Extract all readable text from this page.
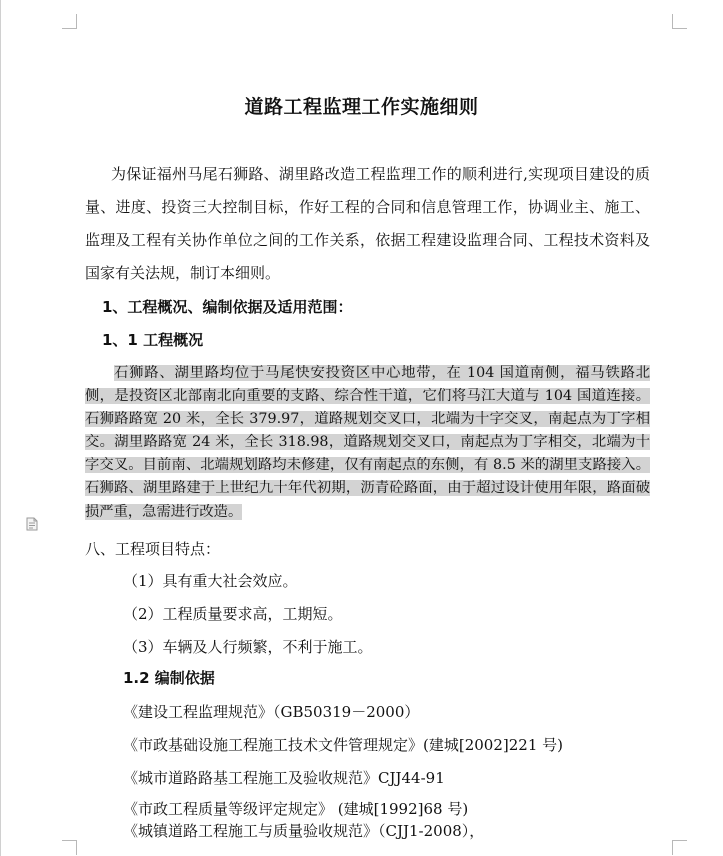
道路工程监理工作实施细则
为保证福州马尾石狮路、湖里路改造工程监理工作的顺利进行,实现项目建设的质量、进度、投资三大控制目标，作好工程的合同和信息管理工作，协调业主、施工、监理及工程有关协作单位之间的工作关系，依据工程建设监理合同、工程技术资料及国家有关法规，制订本细则。
1、工程概况、编制依据及适用范围：
1、1 工程概况
石狮路、湖里路均位于马尾快安投资区中心地带，在 104 国道南侧，福马铁路北侧，是投资区北部南北向重要的支路、综合性干道，它们将马江大道与 104 国道连接。石狮路路宽 20 米，全长 379.97，道路规划交叉口，北端为十字交叉，南起点为丁字相交。湖里路路宽 24 米，全长 318.98，道路规划交叉口，南起点为丁字相交，北端为十字交叉。目前南、北端规划路均未修建，仅有南起点的东侧，有 8.5 米的湖里支路接入。石狮路、湖里路建于上世纪九十年代初期，沥青砼路面，由于超过设计使用年限，路面破损严重，急需进行改造。
八、工程项目特点：
（1）具有重大社会效应。
（2）工程质量要求高，工期短。
（3）车辆及人行频繁，不利于施工。
1.2 编制依据
《建设工程监理规范》（GB50319－2000）
《市政基础设施工程施工技术文件管理规定》(建城[2002]221 号)
《城市道路路基工程施工及验收规范》CJJ44-91
《市政工程质量等级评定规定》 (建城[1992]68 号)
《城镇道路工程施工与质量验收规范》（CJJ1-2008），
